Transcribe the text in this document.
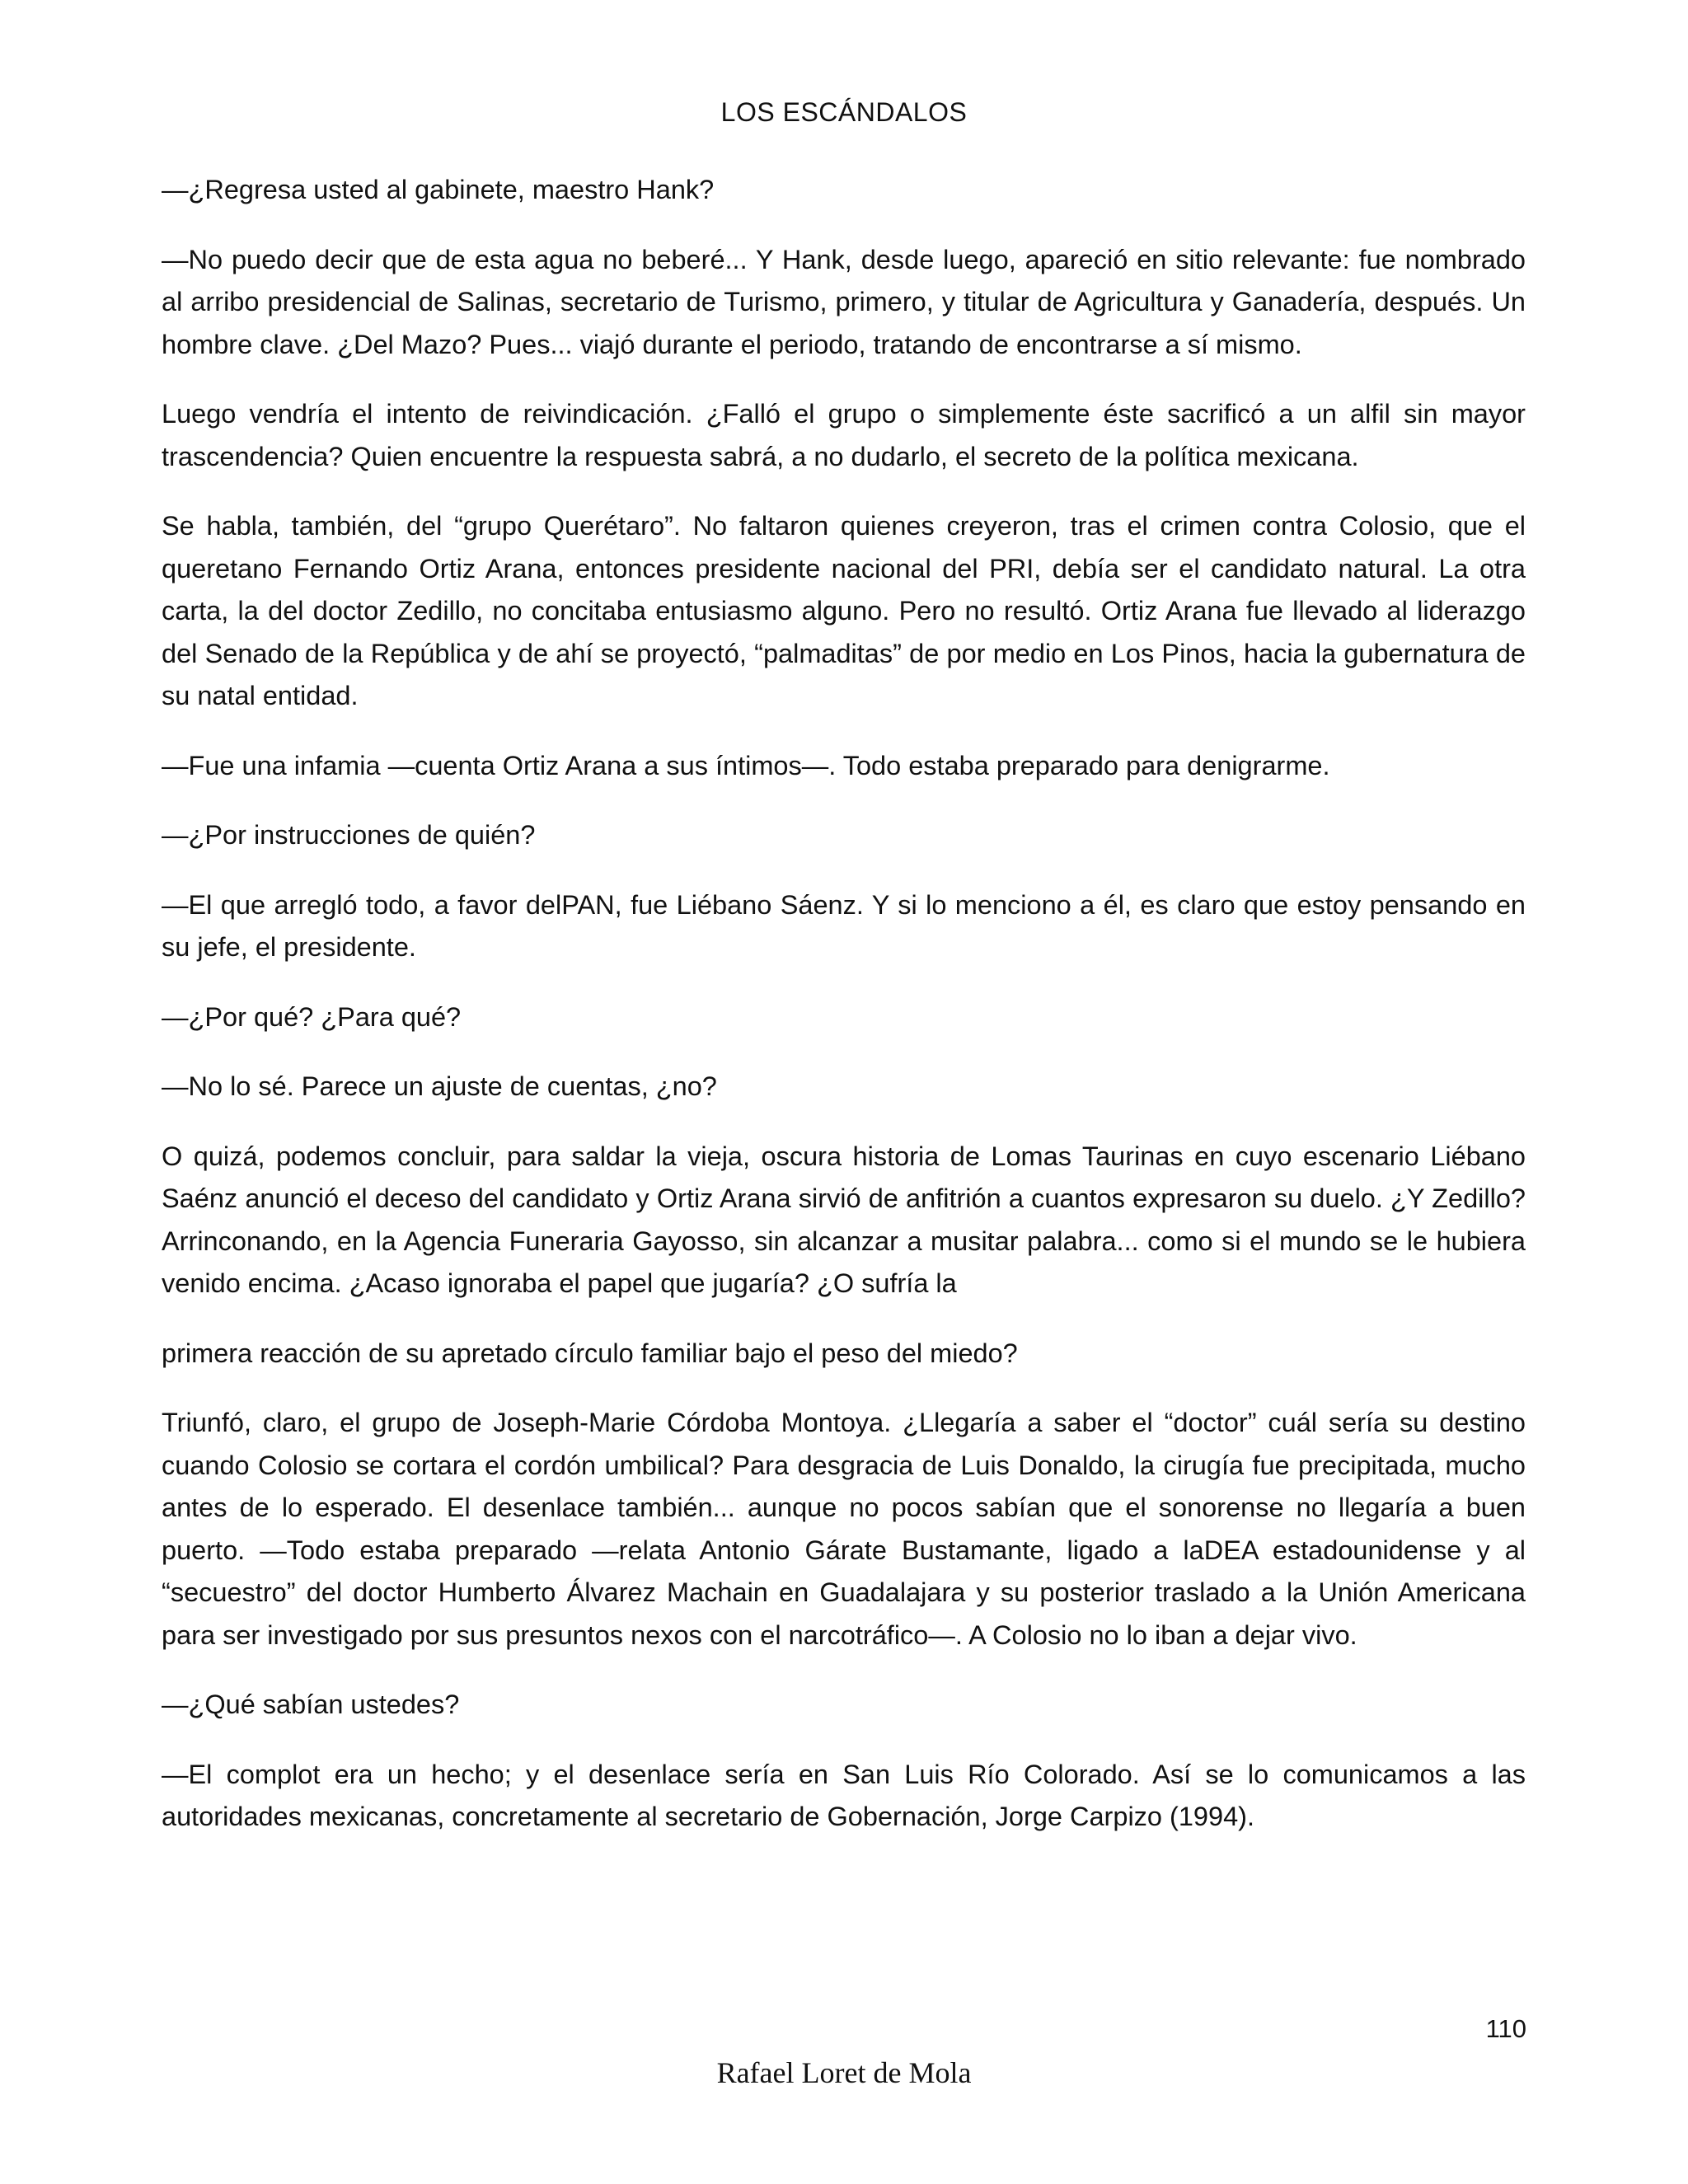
LOS ESCÁNDALOS

—¿Regresa usted al gabinete, maestro Hank?

—No puedo decir que de esta agua no beberé... Y Hank, desde luego, apareció en sitio relevante: fue nombrado al arribo presidencial de Salinas, secretario de Turismo, primero, y titular de Agricultura y Ganadería, después. Un hombre clave. ¿Del Mazo? Pues... viajó durante el periodo, tratando de encontrarse a sí mismo.

Luego vendría el intento de reivindicación. ¿Falló el grupo o simplemente éste sacrificó a un alfil sin mayor trascendencia? Quien encuentre la respuesta sabrá, a no dudarlo, el secreto de la política mexicana.

Se habla, también, del “grupo Querétaro”. No faltaron quienes creyeron, tras el crimen contra Colosio, que el queretano Fernando Ortiz Arana, entonces presidente nacional del PRI, debía ser el candidato natural. La otra carta, la del doctor Zedillo, no concitaba entusiasmo alguno. Pero no resultó. Ortiz Arana fue llevado al liderazgo del Senado de la República y de ahí se proyectó, “palmaditas” de por medio en Los Pinos, hacia la gubernatura de su natal entidad.

—Fue una infamia —cuenta Ortiz Arana a sus íntimos—. Todo estaba preparado para denigrarme.

—¿Por instrucciones de quién?

—El que arregló todo, a favor delPAN, fue Liébano Sáenz. Y si lo menciono a él, es claro que estoy pensando en su jefe, el presidente.

—¿Por qué? ¿Para qué?

—No lo sé. Parece un ajuste de cuentas, ¿no?

O quizá, podemos concluir, para saldar la vieja, oscura historia de Lomas Taurinas en cuyo escenario Liébano Saénz anunció el deceso del candidato y Ortiz Arana sirvió de anfitrión a cuantos expresaron su duelo. ¿Y Zedillo? Arrinconando, en la Agencia Funeraria Gayosso, sin alcanzar a musitar palabra... como si el mundo se le hubiera venido encima. ¿Acaso ignoraba el papel que jugaría? ¿O sufría la

primera reacción de su apretado círculo familiar bajo el peso del miedo?

Triunfó, claro, el grupo de Joseph-Marie Córdoba Montoya. ¿Llegaría a saber el “doctor” cuál sería su destino cuando Colosio se cortara el cordón umbilical? Para desgracia de Luis Donaldo, la cirugía fue precipitada, mucho antes de lo esperado. El desenlace también... aunque no pocos sabían que el sonorense no llegaría a buen puerto. —Todo estaba preparado —relata Antonio Gárate Bustamante, ligado a laDEA estadounidense y al “secuestro” del doctor Humberto Álvarez Machain en Guadalajara y su posterior traslado a la Unión Americana para ser investigado por sus presuntos nexos con el narcotráfico—. A Colosio no lo iban a dejar vivo.

—¿Qué sabían ustedes?

—El complot era un hecho; y el desenlace sería en San Luis Río Colorado. Así se lo comunicamos a las autoridades mexicanas, concretamente al secretario de Gobernación, Jorge Carpizo (1994).

110
Rafael Loret de Mola
